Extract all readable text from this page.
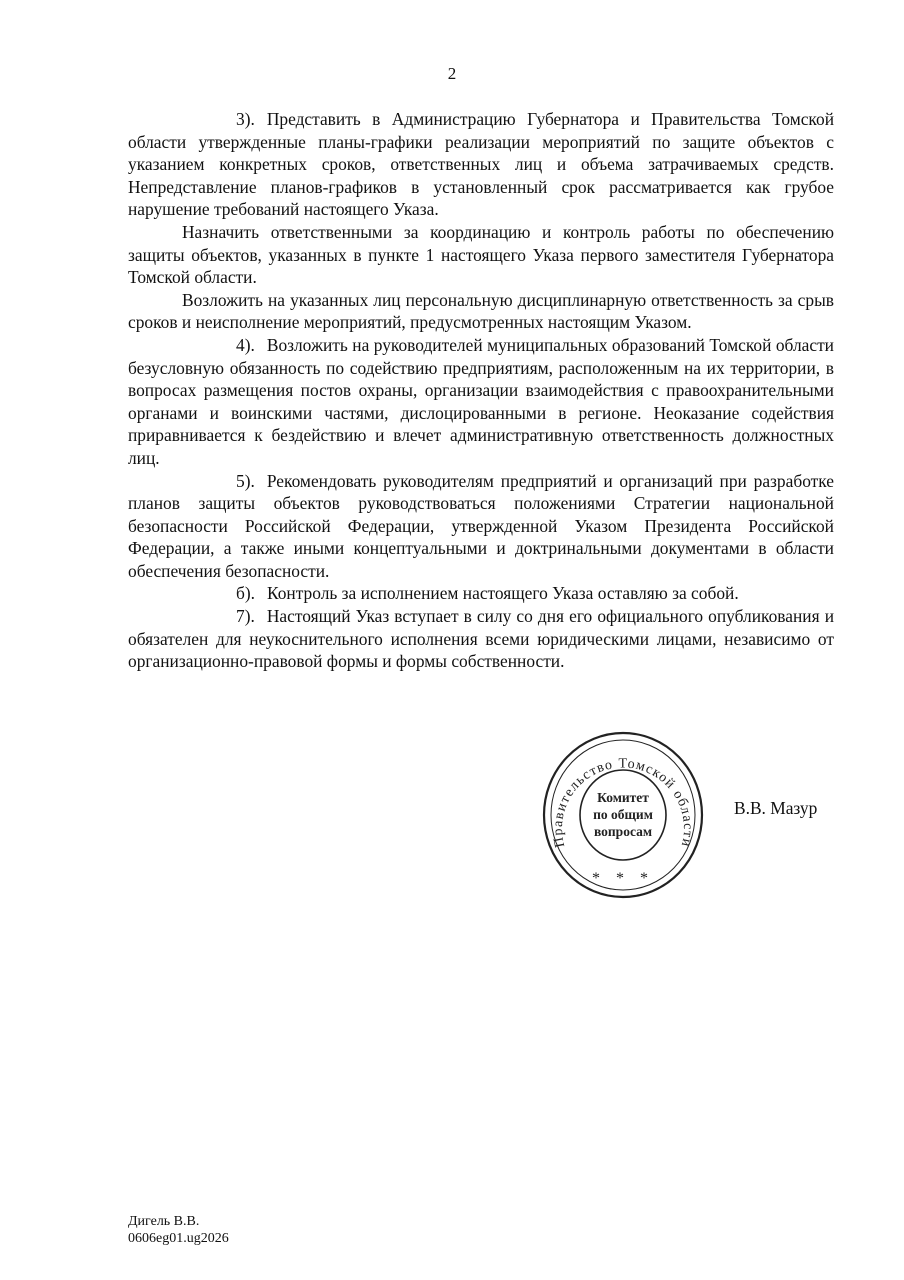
2

3). Представить в Администрацию Губернатора и Правительства Томской области утвержденные планы-графики реализации мероприятий по защите объектов с указанием конкретных сроков, ответственных лиц и объема затрачиваемых средств. Непредставление планов-графиков в установленный срок рассматривается как грубое нарушение требований настоящего Указа.

Назначить ответственными за координацию и контроль работы по обеспечению защиты объектов, указанных в пункте 1 настоящего Указа первого заместителя Губернатора Томской области.

Возложить на указанных лиц персональную дисциплинарную ответственность за срыв сроков и неисполнение мероприятий, предусмотренных настоящим Указом.

4). Возложить на руководителей муниципальных образований Томской области безусловную обязанность по содействию предприятиям, расположенным на их территории, в вопросах размещения постов охраны, организации взаимодействия с правоохранительными органами и воинскими частями, дислоцированными в регионе. Неоказание содействия приравнивается к бездействию и влечет административную ответственность должностных лиц.

5). Рекомендовать руководителям предприятий и организаций при разработке планов защиты объектов руководствоваться положениями Стратегии национальной безопасности Российской Федерации, утвержденной Указом Президента Российской Федерации, а также иными концептуальными и доктринальными документами в области обеспечения безопасности.

б). Контроль за исполнением настоящего Указа оставляю за собой.

7). Настоящий Указ вступает в силу со дня его официального опубликования и обязателен для неукоснительного исполнения всеми юридическими лицами, независимо от организационно-правовой формы и формы собственности.

Правительство Томской области
Комитет
по общим
вопросам
* * *
В.В. Мазур
Дигель В.В.
0606eg01.ug2026
